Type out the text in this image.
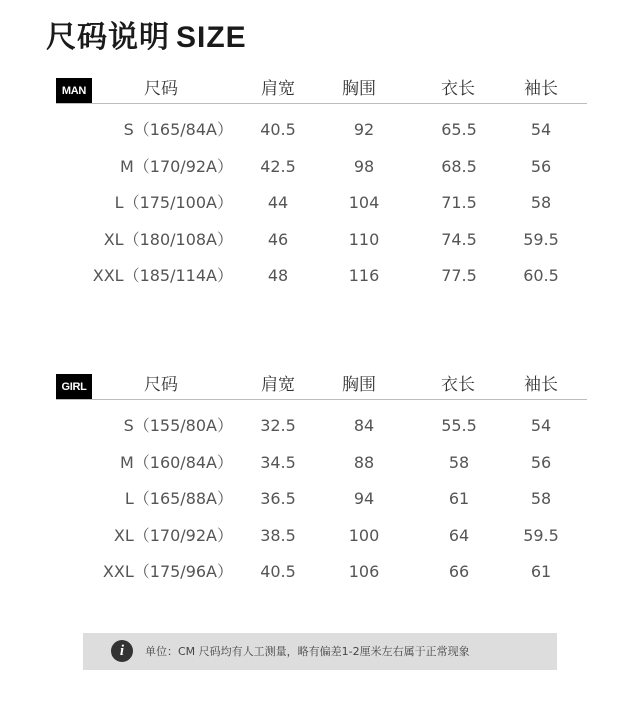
尺码说明 SIZE
MAN	尺码	肩宽	胸围	衣长	袖长
S（165/84A）	40.5	92	65.5	54
M（170/92A）	42.5	98	68.5	56
L（175/100A）	44	104	71.5	58
XL（180/108A）	46	110	74.5	59.5
XXL（185/114A）	48	116	77.5	60.5
GIRL	尺码	肩宽	胸围	衣长	袖长
S（155/80A）	32.5	84	55.5	54
M（160/84A）	34.5	88	58	56
L（165/88A）	36.5	94	61	58
XL（170/92A）	38.5	100	64	59.5
XXL（175/96A）	40.5	106	66	61
i	单位：CM 尺码均有人工测量，略有偏差1-2厘米左右属于正常现象
